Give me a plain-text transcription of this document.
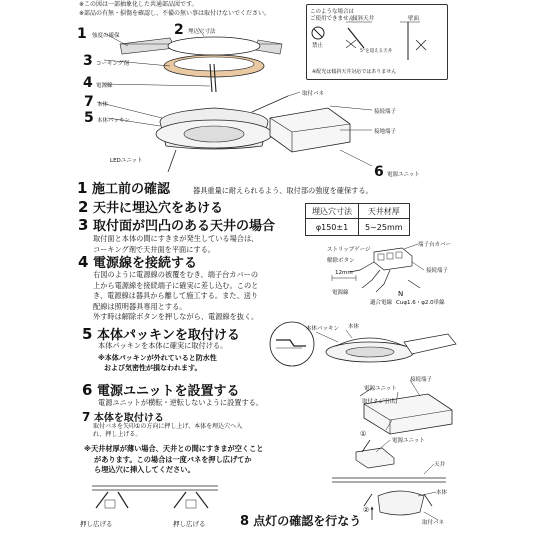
※この図は一部抽象化した共通部品図です。
※部品の有無・損傷を確認し、不備の無い事は取付けないでください。
1 強度の確保	2 埋込穴寸法
3 コーキング剤
4 電源線
7 本体
5 本体パッキン
取付バネ
接続端子
接地端子
LEDユニット
6 電源ユニット
このような場合は
ご使用できません
禁止
傾斜天井	壁面
5°を超える天井
※配光は傾斜天井対応ではありません
1 施工前の確認	器具重量に耐えられるよう、取付部の強度を確保する。
2 天井に埋込穴をあける
3 取付面が凹凸のある天井の場合
取付面と本体の間にすきまが発生している場合は、
コーキング剤で天井面を平面にする。
埋込穴寸法	天井材厚
φ150±1	5~25mm
4 電源線を接続する
右図のように電源線の被覆をむき、端子台カバーの
上から電源線を接続端子に確実に差し込む。このと
き、電源線は器具から離して施工する。また、送り
配線は照明器具専用とする。
外す時は解除ボタンを押しながら、電源線を抜く。
ストリップゲージ
解除ボタン
12mm
端子台カバー
接続端子
電源線	N
適合電線 Cuφ1.6・φ2.0単線
5 本体パッキンを取付ける
本体パッキンを本体に確実に取付ける。
※本体パッキンが外れていると防水性
および気密性が損なわれます。
本体パッキン 本体
6 電源ユニットを設置する
電源ユニットが横転・逆転しないように設置する。
接続端子
電源ユニット
取付ネジ引出
7 本体を取付ける
取付バネを矢印①の方向に押し上げ、本体を埋込穴へ入
れ、押し上げる。
※天井材厚が薄い場合、天井との間にすきまが空くこと
があります。この場合は一度バネを押し広げてか
ら埋込穴に挿入してください。
押し広げる	押し広げる
電源ユニット
天井
本体
取付バネ
①
②
8 点灯の確認を行なう
